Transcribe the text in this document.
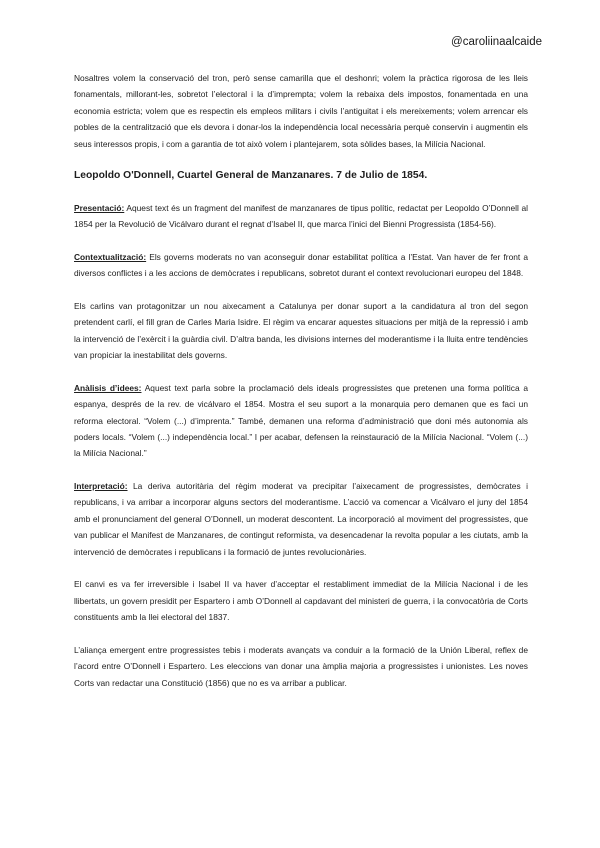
@caroliinaalcaide

Nosaltres volem la conservació del tron, però sense camarilla que el deshonri; volem la pràctica rigorosa de les lleis fonamentals, millorant-les, sobretot l’electoral i la d’imprempta; volem la rebaixa dels impostos, fonamentada en una economia estricta; volem que es respectin els empleos militars i civils l’antiguitat i els mereixements; volem arrencar els pobles de la centralització que els devora i donar-los la independència local necessària perquè conservin i augmentin els seus interessos propis, i com a garantia de tot això volem i plantejarem, sota sòlides bases, la Milícia Nacional.

Leopoldo O'Donnell, Cuartel General de Manzanares. 7 de Julio de 1854.

Presentació: Aquest text és un fragment del manifest de manzanares de tipus polític, redactat per Leopoldo O’Donnell al 1854 per la Revolució de Vicálvaro durant el regnat d’Isabel II, que marca l’inici del Bienni Progressista (1854-56).

Contextualització: Els governs moderats no van aconseguir donar estabilitat política a l’Estat. Van haver de fer front a diversos conflictes i a les accions de demòcrates i republicans, sobretot durant el context revolucionari europeu del 1848.

Els carlins van protagonitzar un nou aixecament a Catalunya per donar suport a la candidatura al tron del segon pretendent carlí, el fill gran de Carles Maria Isidre. El règim va encarar aquestes situacions per mitjà de la repressió i amb la intervenció de l’exèrcit i la guàrdia civil. D’altra banda, les divisions internes del moderantisme i la lluita entre tendències van propiciar la inestabilitat dels governs.

Anàlisis d’idees: Aquest text parla sobre la proclamació dels ideals progressistes que pretenen una forma política a espanya, després de la rev. de vicálvaro el 1854. Mostra el seu suport a la monarquia pero demanen que es faci un reforma electoral. “Volem (...) d’imprenta.” També, demanen una reforma d’administració que doni més autonomia als poders locals. “Volem (...) independència local.” I per acabar, defensen la reinstauració de la Milícia Nacional. “Volem (...) la Milícia Nacional.”

Interpretació: La deriva autoritària del règim moderat va precipitar l’aixecament de progressistes, demòcrates i republicans, i va arribar a incorporar alguns sectors del moderantisme. L’acció va comencar a Vicálvaro el juny del 1854 amb el pronunciament del general O’Donnell, un moderat descontent. La incorporació al moviment del progressistes, que van publicar el Manifest de Manzanares, de contingut reformista, va desencadenar la revolta popular a les ciutats, amb la intervenció de demòcrates i republicans i la formació de juntes revolucionàries.

El canvi es va fer irreversible i Isabel II va haver d’acceptar el restabliment immediat de la Milícia Nacional i de les llibertats, un govern presidit per Espartero i amb O’Donnell al capdavant del ministeri de guerra, i la convocatòria de Corts constituents amb la llei electoral del 1837.

L’aliança emergent entre progressistes tebis i moderats avançats va conduir a la formació de la Unión Liberal, reflex de l’acord entre O’Donnell i Espartero. Les eleccions van donar una àmplia majoria a progressistes i unionistes. Les noves Corts van redactar una Constitució (1856) que no es va arribar a publicar.
